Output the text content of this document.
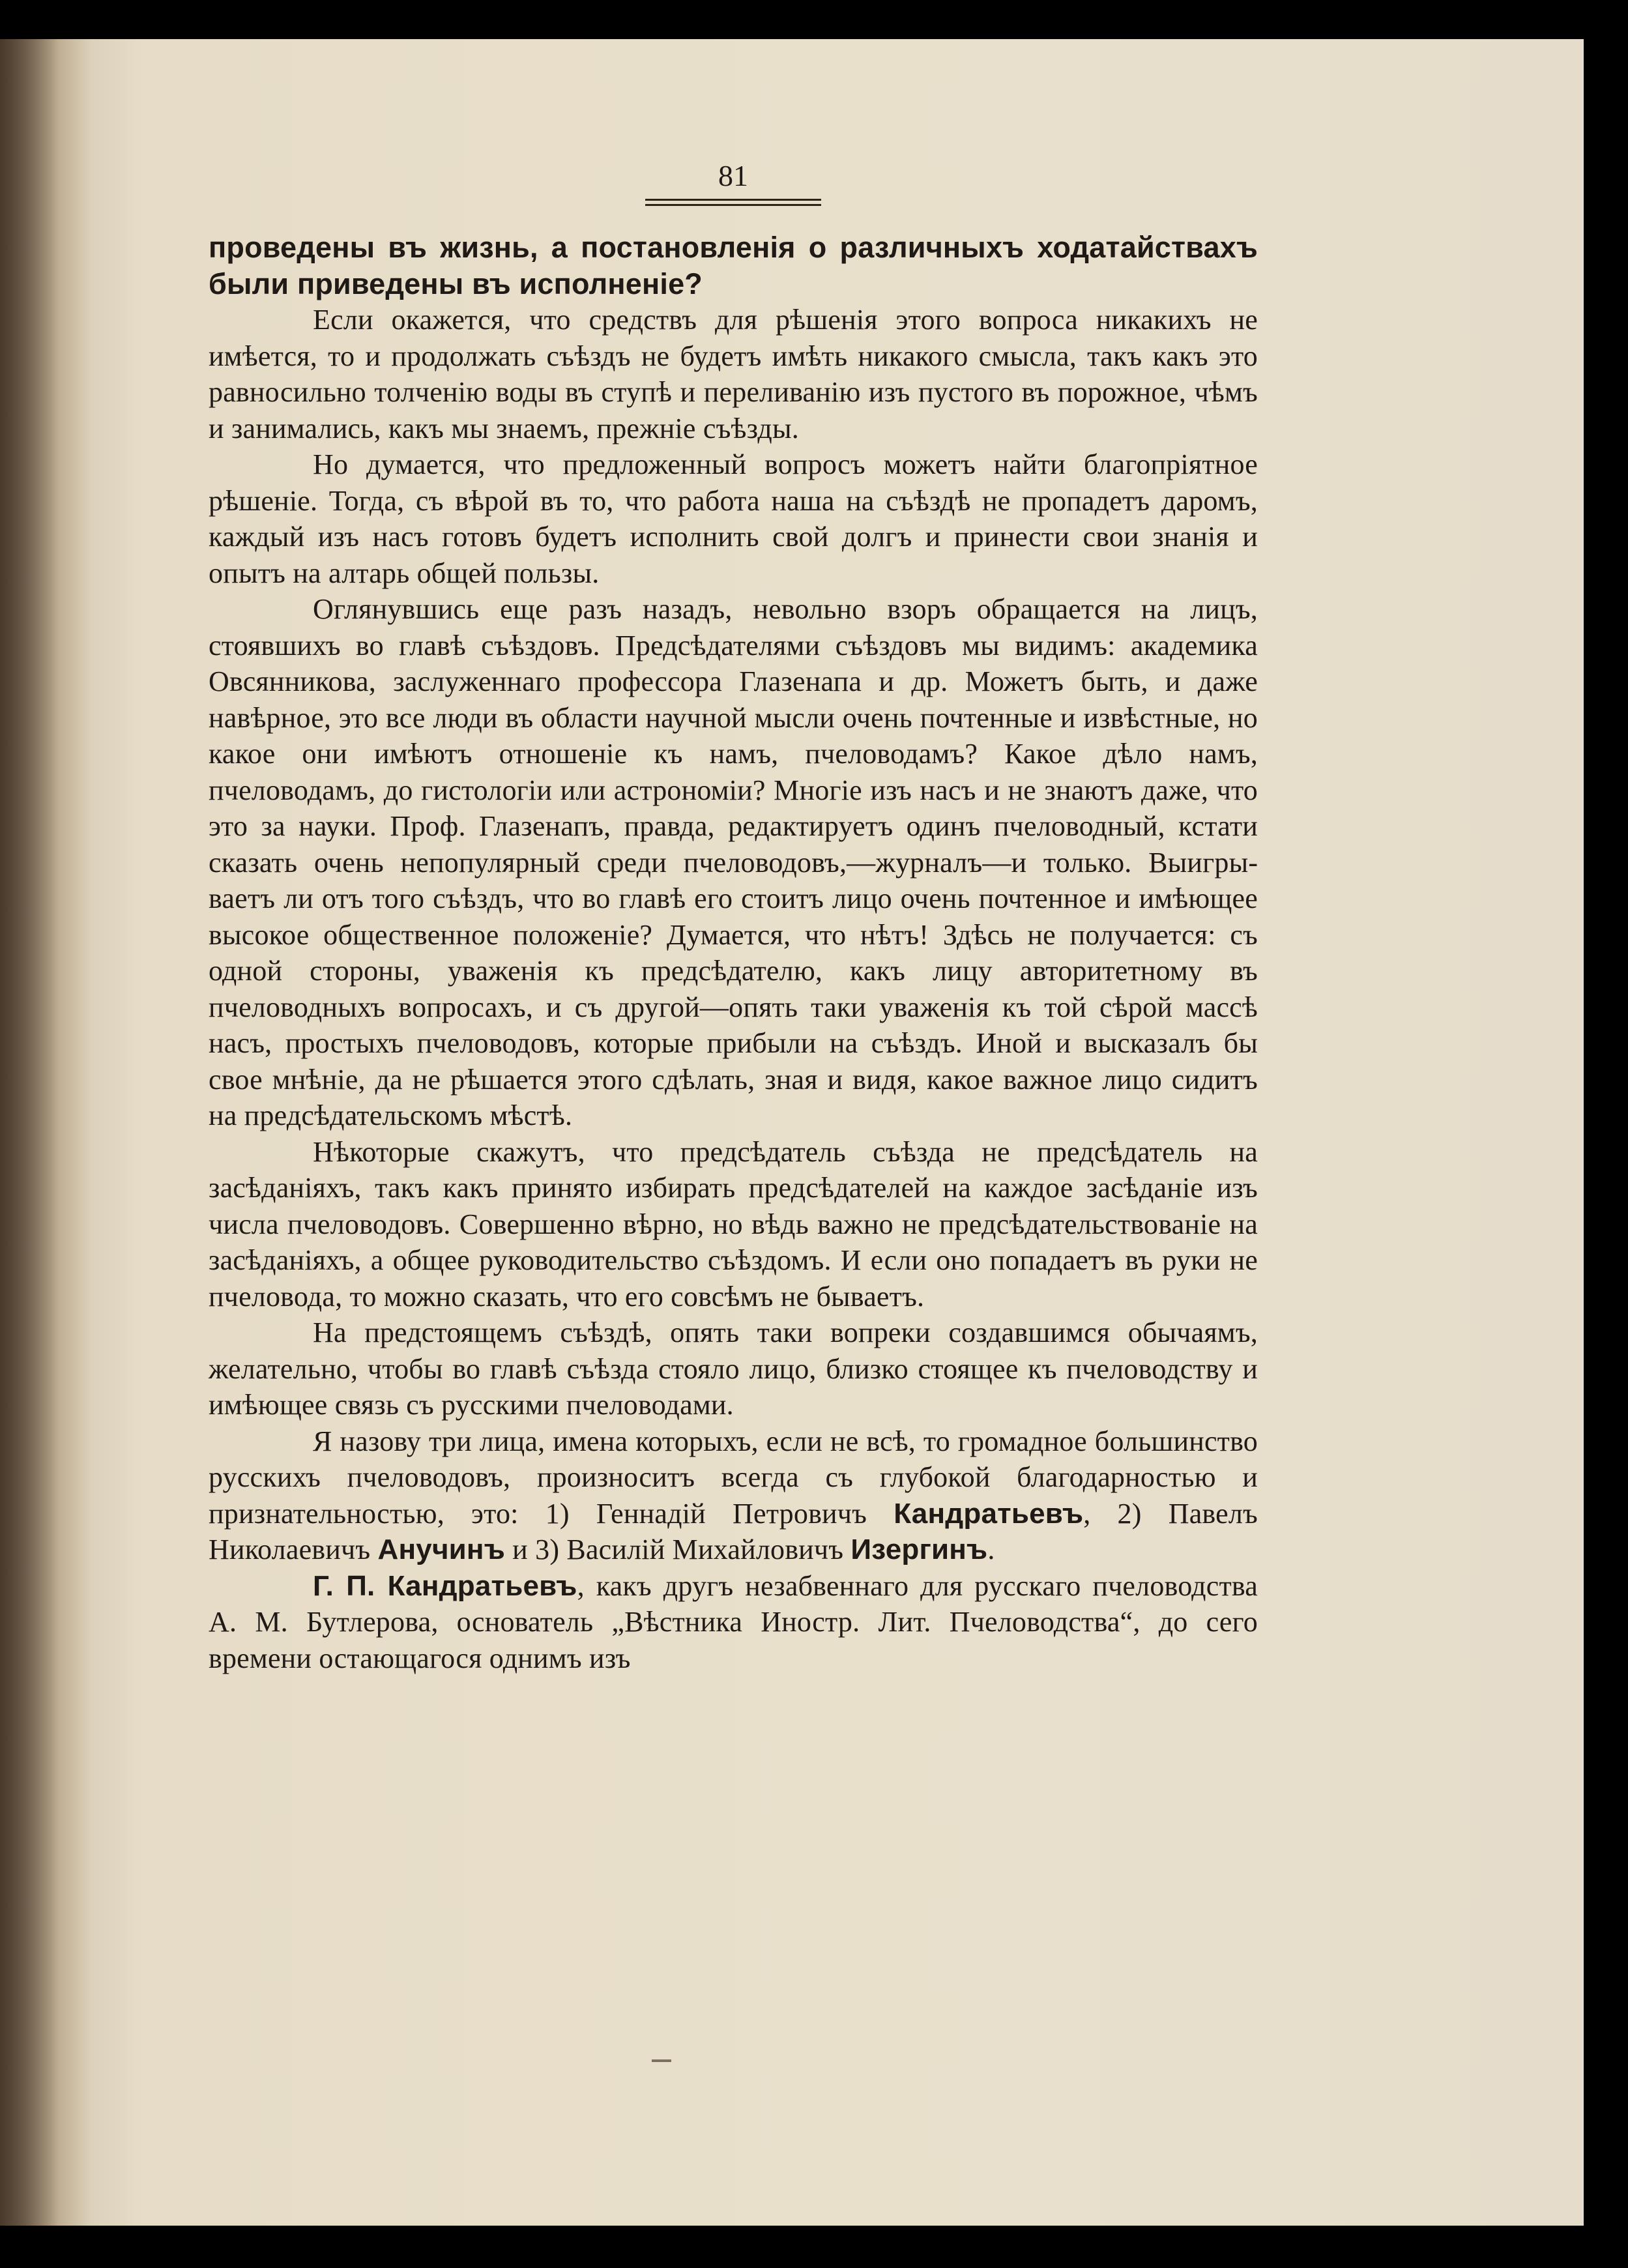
81

проведены въ жизнь, а постановленія о различныхъ ходатайствахъ были приведены въ исполненіе?

Если окажется, что средствъ для рѣшенія этого вопроса никакихъ не имѣется, то и продолжать съѣздъ не будетъ имѣть никакого смысла, такъ какъ это равносильно толченію воды въ ступѣ и переливанію изъ пустого въ порожное, чѣмъ и занимались, какъ мы знаемъ, прежніе съѣзды.

Но думается, что предложенный вопросъ можетъ найти благопріятное рѣшеніе. Тогда, съ вѣрой въ то, что работа наша на съѣздѣ не пропадетъ даромъ, каждый изъ насъ готовъ будетъ исполнить свой долгъ и принести свои знанія и опытъ на алтарь общей пользы.

Оглянувшись еще разъ назадъ, невольно взоръ обращается на лицъ, стоявшихъ во главѣ съѣздовъ. Предсѣдателями съѣздовъ мы видимъ: академика Овсянникова, заслуженнаго профессора Глазенапа и др. Можетъ быть, и даже навѣрное, это все люди въ области научной мысли очень почтенные и извѣстные, но какое они имѣютъ отношеніе къ намъ, пчеловодамъ? Какое дѣло намъ, пчеловодамъ, до гистологіи или астрономіи? Многіе изъ насъ и не знаютъ даже, что это за науки. Проф. Глазенапъ, правда, редактируетъ одинъ пчеловодный, кстати сказать очень непопулярный среди пчеловодовъ,—журналъ—и только. Выигрываетъ ли отъ того съѣздъ, что во главѣ его стоитъ лицо очень почтенное и имѣющее высокое общественное положеніе? Думается, что нѣтъ! Здѣсь не получается: съ одной стороны, уваженія къ предсѣдателю, какъ лицу авторитетному въ пчеловодныхъ вопросахъ, и съ другой—опять таки уваженія къ той сѣрой массѣ насъ, простыхъ пчеловодовъ, которые прибыли на съѣздъ. Иной и высказалъ бы свое мнѣніе, да не рѣшается этого сдѣлать, зная и видя, какое важное лицо сидитъ на предсѣдательскомъ мѣстѣ.

Нѣкоторые скажутъ, что предсѣдатель съѣзда не предсѣдатель на засѣданіяхъ, такъ какъ принято избирать предсѣдателей на каждое засѣданіе изъ числа пчеловодовъ. Совершенно вѣрно, но вѣдь важно не предсѣдательствованіе на засѣданіяхъ, а общее руководительство съѣздомъ. И если оно попадаетъ въ руки не пчеловода, то можно сказать, что его совсѣмъ не бываетъ.

На предстоящемъ съѣздѣ, опять таки вопреки создавшимся обычаямъ, желательно, чтобы во главѣ съѣзда стояло лицо, близко стоящее къ пчеловодству и имѣющее связь съ русскими пчеловодами.

Я назову три лица, имена которыхъ, если не всѣ, то громадное большинство русскихъ пчеловодовъ, произноситъ всегда съ глубокой благодарностью и признательностью, это: 1) Геннадій Петровичъ Кандратьевъ, 2) Павелъ Николаевичъ Анучинъ и 3) Василій Михайловичъ Изергинъ.

Г. П. Кандратьевъ, какъ другъ незабвеннаго для русскаго пчеловодства А. М. Бутлерова, основатель „Вѣстника Иностр. Лит. Пчеловодства“, до сего времени остающагося однимъ изъ
